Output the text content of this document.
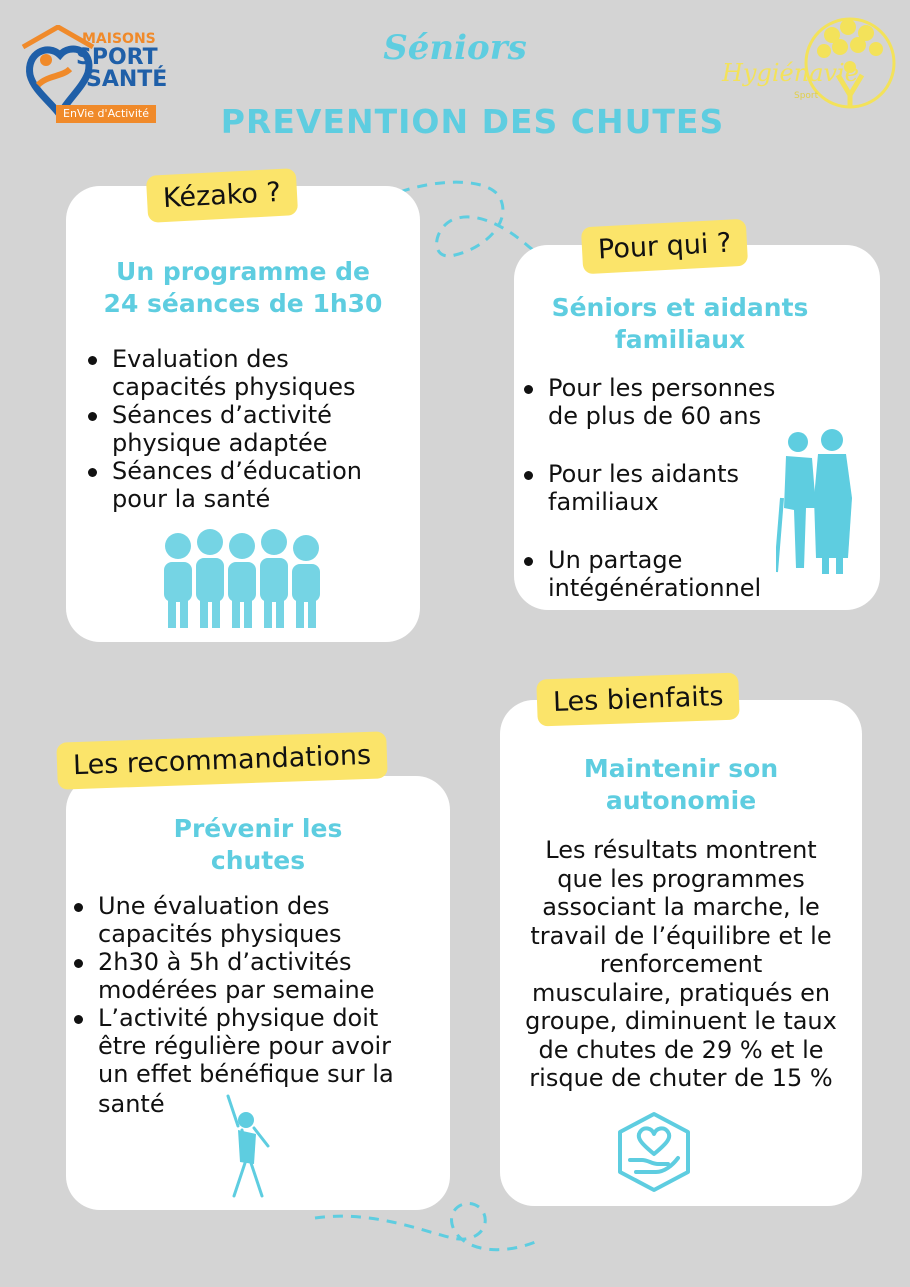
MAISONS
SPORT
SANTÉ
EnVie d'Activité
Hygiénavie
Sport
Séniors
PREVENTION DES CHUTES
Kézako ?
Un programme de
24 séances de 1h30
Evaluation des
capacités physiques
Séances d’activité
physique adaptée
Séances d’éducation
pour la santé
Pour qui ?
Séniors et aidants
familiaux
Pour les personnes
de plus de 60 ans
Pour les aidants
familiaux
Un partage
intégénérationnel
Les recommandations
Prévenir les
chutes
Une évaluation des
capacités physiques
2h30 à 5h d’activités
modérées par semaine
L’activité physique doit
être régulière pour avoir
un effet bénéfique sur la
santé
Les bienfaits
Maintenir son
autonomie
Les résultats montrent
que les programmes
associant la marche, le
travail de l’équilibre et le
renforcement
musculaire, pratiqués en
groupe, diminuent le taux
de chutes de 29 % et le
risque de chuter de 15 %
